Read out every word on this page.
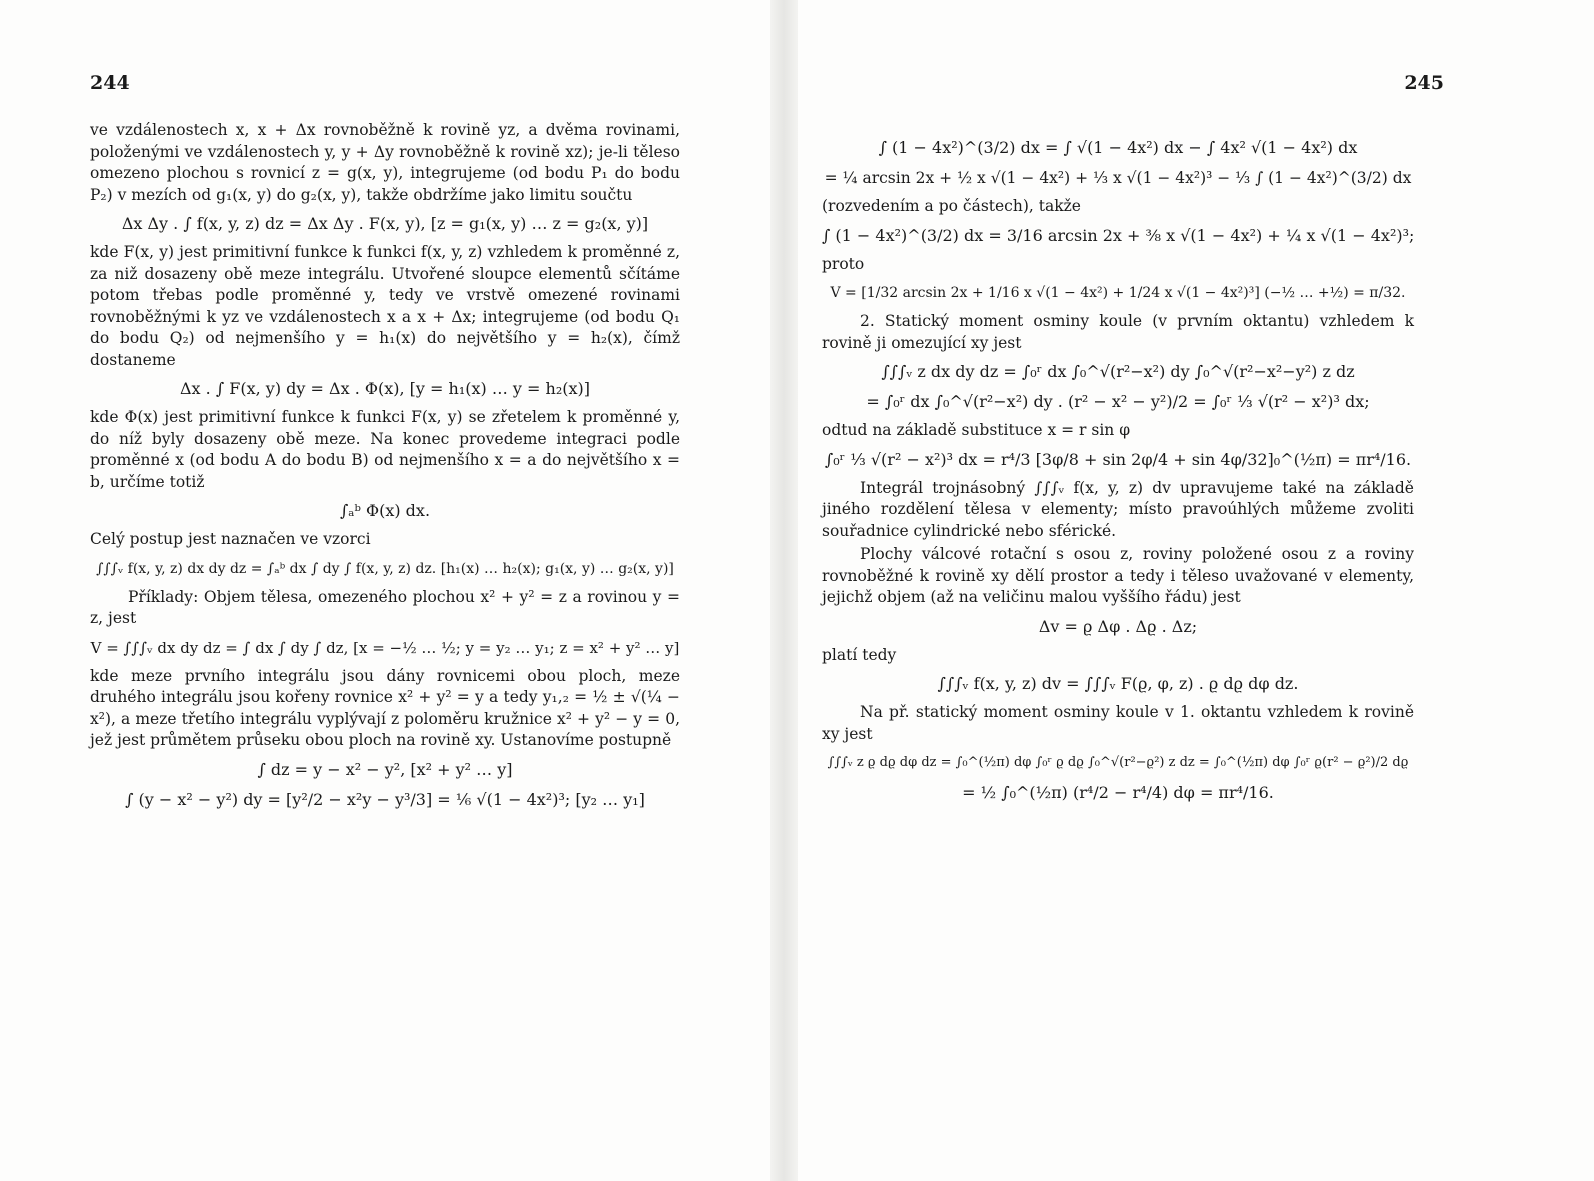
244

ve vzdálenostech x, x + Δx rovnoběžně k rovině yz, a dvěma rovinami, položenými ve vzdálenostech y, y + Δy rovnoběžně k rovině xz); je-li těleso omezeno plochou s rovnicí z = g(x, y), integrujeme (od bodu P₁ do bodu P₂) v mezích od g₁(x, y) do g₂(x, y), takže obdržíme jako limitu součtu

Δx Δy . ∫ f(x, y, z) dz = Δx Δy . F(x, y), [z = g₁(x, y) … z = g₂(x, y)]

kde F(x, y) jest primitivní funkce k funkci f(x, y, z) vzhledem k proměnné z, za niž dosazeny obě meze integrálu. Utvořené sloupce elementů sčítáme potom třebas podle proměnné y, tedy ve vrstvě omezené rovinami rovnoběžnými k yz ve vzdálenostech x a x + Δx; integrujeme (od bodu Q₁ do bodu Q₂) od nejmenšího y = h₁(x) do největšího y = h₂(x), čímž dostaneme

Δx . ∫ F(x, y) dy = Δx . Φ(x), [y = h₁(x) … y = h₂(x)]

kde Φ(x) jest primitivní funkce k funkci F(x, y) se zřetelem k proměnné y, do níž byly dosazeny obě meze. Na konec provedeme integraci podle proměnné x (od bodu A do bodu B) od nejmenšího x = a do největšího x = b, určíme totiž

∫ₐᵇ Φ(x) dx.

Celý postup jest naznačen ve vzorci

∫∫∫ᵥ f(x, y, z) dx dy dz = ∫ₐᵇ dx ∫ dy ∫ f(x, y, z) dz. [h₁(x) … h₂(x); g₁(x, y) … g₂(x, y)]

Příklady: Objem tělesa, omezeného plochou x² + y² = z a rovinou y = z, jest

V = ∫∫∫ᵥ dx dy dz = ∫ dx ∫ dy ∫ dz, [x = −½ … ½; y = y₂ … y₁; z = x² + y² … y]

kde meze prvního integrálu jsou dány rovnicemi obou ploch, meze druhého integrálu jsou kořeny rovnice x² + y² = y a tedy y₁,₂ = ½ ± √(¼ − x²), a meze třetího integrálu vyplývají z poloměru kružnice x² + y² − y = 0, jež jest průmětem průseku obou ploch na rovině xy. Ustanovíme postupně

∫ dz = y − x² − y², [x² + y² … y]
∫ (y − x² − y²) dy = [y²/2 − x²y − y³/3] = ⅙ √(1 − 4x²)³; [y₂ … y₁]
245
∫ (1 − 4x²)^(3/2) dx = ∫ √(1 − 4x²) dx − ∫ 4x² √(1 − 4x²) dx
= ¼ arcsin 2x + ½ x √(1 − 4x²) + ⅓ x √(1 − 4x²)³ − ⅓ ∫ (1 − 4x²)^(3/2) dx

(rozvedením a po částech), takže

∫ (1 − 4x²)^(3/2) dx = 3/16 arcsin 2x + ⅜ x √(1 − 4x²) + ¼ x √(1 − 4x²)³;

proto

V = [1/32 arcsin 2x + 1/16 x √(1 − 4x²) + 1/24 x √(1 − 4x²)³] (−½ … +½) = π/32.

2. Statický moment osminy koule (v prvním oktantu) vzhledem k rovině ji omezující xy jest

∫∫∫ᵥ z dx dy dz = ∫₀ʳ dx ∫₀^√(r²−x²) dy ∫₀^√(r²−x²−y²) z dz
= ∫₀ʳ dx ∫₀^√(r²−x²) dy . (r² − x² − y²)/2 = ∫₀ʳ ⅓ √(r² − x²)³ dx;

odtud na základě substituce x = r sin φ

∫₀ʳ ⅓ √(r² − x²)³ dx = r⁴/3 [3φ/8 + sin 2φ/4 + sin 4φ/32]₀^(½π) = πr⁴/16.

Integrál trojnásobný ∫∫∫ᵥ f(x, y, z) dv upravujeme také na základě jiného rozdělení tělesa v elementy; místo pravoúhlých můžeme zvoliti souřadnice cylindrické nebo sférické.

Plochy válcové rotační s osou z, roviny položené osou z a roviny rovnoběžné k rovině xy dělí prostor a tedy i těleso uvažované v elementy, jejichž objem (až na veličinu malou vyššího řádu) jest

Δv = ϱ Δφ . Δϱ . Δz;

platí tedy

∫∫∫ᵥ f(x, y, z) dv = ∫∫∫ᵥ F(ϱ, φ, z) . ϱ dϱ dφ dz.

Na př. statický moment osminy koule v 1. oktantu vzhledem k rovině xy jest

∫∫∫ᵥ z ϱ dϱ dφ dz = ∫₀^(½π) dφ ∫₀ʳ ϱ dϱ ∫₀^√(r²−ϱ²) z dz = ∫₀^(½π) dφ ∫₀ʳ ϱ(r² − ϱ²)/2 dϱ
= ½ ∫₀^(½π) (r⁴/2 − r⁴/4) dφ = πr⁴/16.
